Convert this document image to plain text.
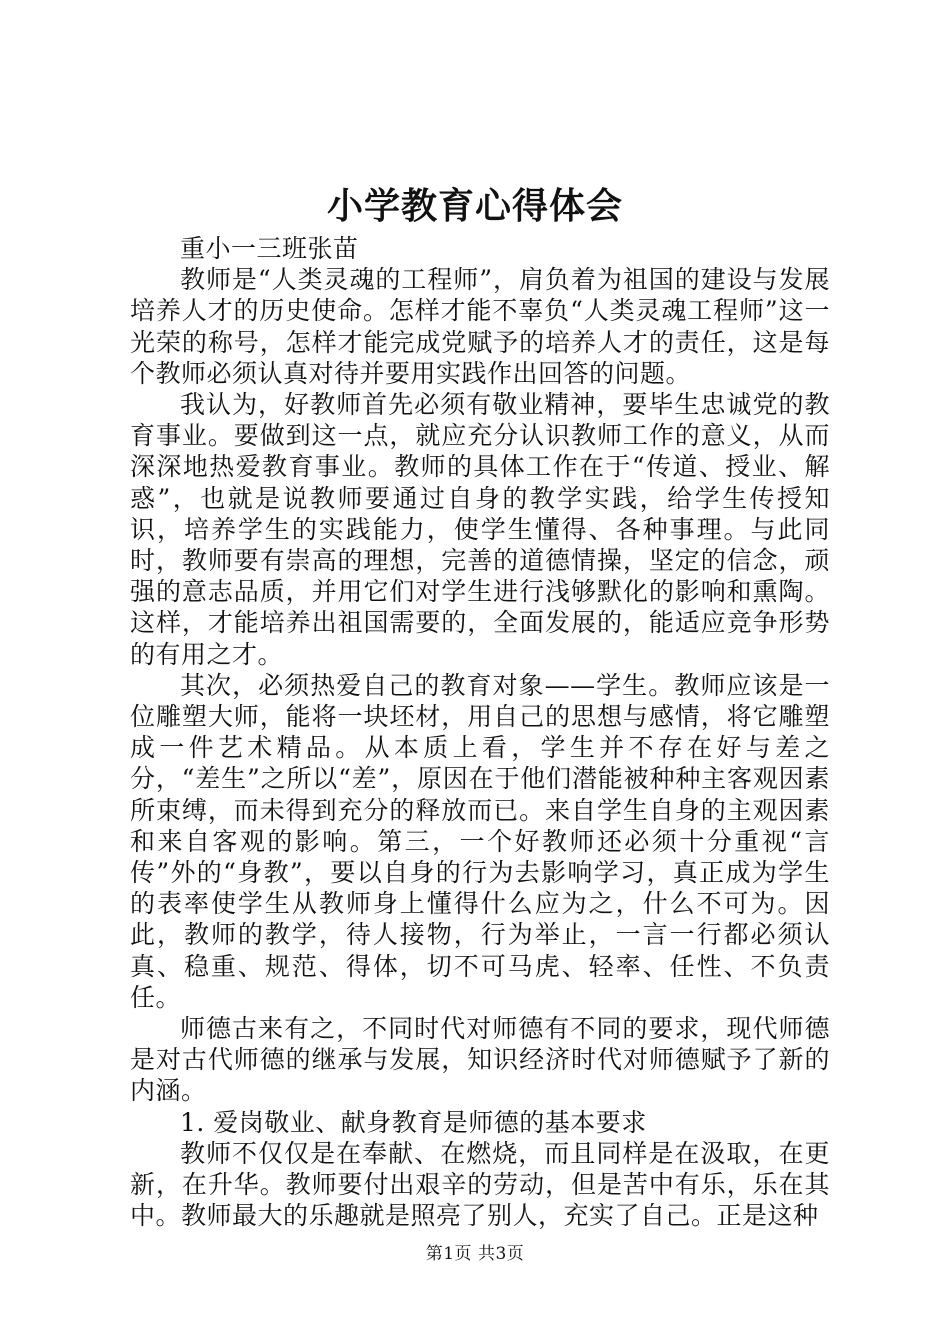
小学教育心得体会

重小一三班张苗

教师是“人类灵魂的工程师”，肩负着为祖国的建设与发展培养人才的历史使命。怎样才能不辜负“人类灵魂工程师”这一光荣的称号，怎样才能完成党赋予的培养人才的责任，这是每个教师必须认真对待并要用实践作出回答的问题。

我认为，好教师首先必须有敬业精神，要毕生忠诚党的教育事业。要做到这一点，就应充分认识教师工作的意义，从而深深地热爱教育事业。教师的具体工作在于“传道、授业、解惑”，也就是说教师要通过自身的教学实践，给学生传授知识，培养学生的实践能力，使学生懂得、各种事理。与此同时，教师要有崇高的理想，完善的道德情操，坚定的信念，顽强的意志品质，并用它们对学生进行浅够默化的影响和熏陶。这样，才能培养出祖国需要的，全面发展的，能适应竞争形势的有用之才。

其次，必须热爱自己的教育对象——学生。教师应该是一位雕塑大师，能将一块坯材，用自己的思想与感情，将它雕塑成一件艺术精品。从本质上看，学生并不存在好与差之分，“差生”之所以“差”，原因在于他们潜能被种种主客观因素所束缚，而未得到充分的释放而已。来自学生自身的主观因素和来自客观的影响。第三，一个好教师还必须十分重视“言传”外的“身教”，要以自身的行为去影响学习，真正成为学生的表率使学生从教师身上懂得什么应为之，什么不可为。因此，教师的教学，待人接物，行为举止，一言一行都必须认真、稳重、规范、得体，切不可马虎、轻率、任性、不负责任。

师德古来有之，不同时代对师德有不同的要求，现代师德是对古代师德的继承与发展，知识经济时代对师德赋予了新的内涵。

1. 爱岗敬业、献身教育是师德的基本要求

教师不仅仅是在奉献、在燃烧，而且同样是在汲取，在更新，在升华。教师要付出艰辛的劳动，但是苦中有乐，乐在其中。教师最大的乐趣就是照亮了别人，充实了自己。正是这种

第1页 共3页
